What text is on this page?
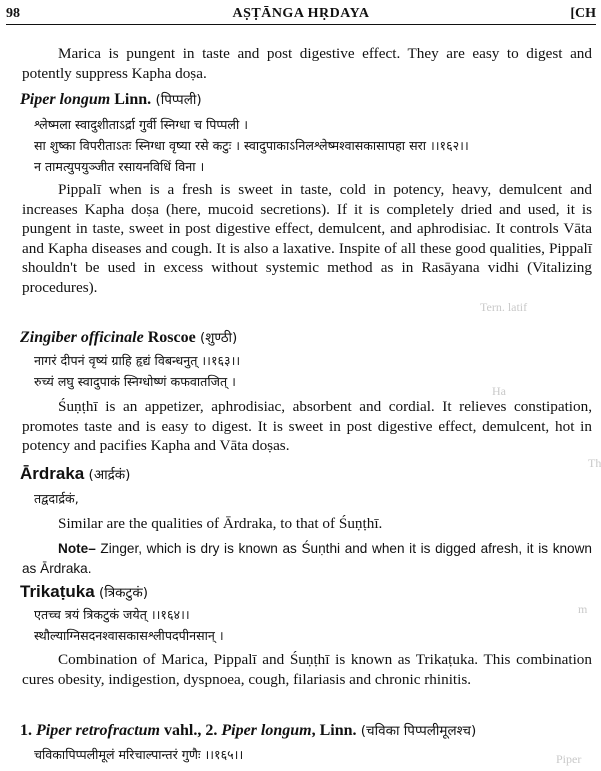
98	AṢṬĀNGA HṚDAYA	[CH
Tern. latif
Ha
Th
m
Marica is pungent in taste and post digestive effect. They are easy to digest and potently suppress Kapha doṣa.
Piper longum Linn. (पिप्पली)
श्लेष्मला स्वादुशीताऽर्द्रा गुर्वी स्निग्धा च पिप्पली ।
सा शुष्का विपरीताऽतः स्निग्धा वृष्या रसे कटुः । स्वादुपाकाऽनिलश्लेष्मश्वासकासापहा सरा ।।१६२।।
न तामत्युपयुञ्जीत रसायनविधिं विना ।
Pippalī when is a fresh is sweet in taste, cold in potency, heavy, demulcent and increases Kapha doṣa (here, mucoid secretions). If it is completely dried and used, it is pungent in taste, sweet in post digestive effect, demulcent, and aphrodisiac. It controls Vāta and Kapha diseases and cough. It is also a laxative. Inspite of all these good qualities, Pippalī shouldn't be used in excess without systemic method as in Rasāyana vidhi (Vitalizing procedures).
Zingiber officinale Roscoe (शुण्ठी)
नागरं दीपनं वृष्यं ग्राहि हृद्यं विबन्धनुत् ।।१६३।।
रुच्यं लघु स्वादुपाकं स्निग्धोष्णं कफवातजित् ।
Śuṇṭhī is an appetizer, aphrodisiac, absorbent and cordial. It relieves constipation, promotes taste and is easy to digest. It is sweet in post digestive effect, demulcent, hot in potency and pacifies Kapha and Vāta doṣas.
Ārdraka (आर्द्रकं)
तद्वदार्द्रकं,
Similar are the qualities of Ārdraka, to that of Śuṇṭhī.
Note– Zinger, which is dry is known as Śuṇthi and when it is digged afresh, it is known as Ārdraka.
Trikaṭuka (त्रिकटुकं)
एतच्च त्रयं त्रिकटुकं जयेत् ।।१६४।।
स्थौल्याग्निसदनश्वासकासश्लीपदपीनसान् ।
Combination of Marica, Pippalī and Śuṇṭhī is known as Trikaṭuka. This combination cures obesity, indigestion, dyspnoea, cough, filariasis and chronic rhinitis.
1. Piper retrofractum vahl., 2. Piper longum, Linn. (चविका पिप्पलीमूलश्च)
चविकापिप्पलीमूलं मरिचाल्पान्तरं गुणैः ।।१६५।।	Piper
